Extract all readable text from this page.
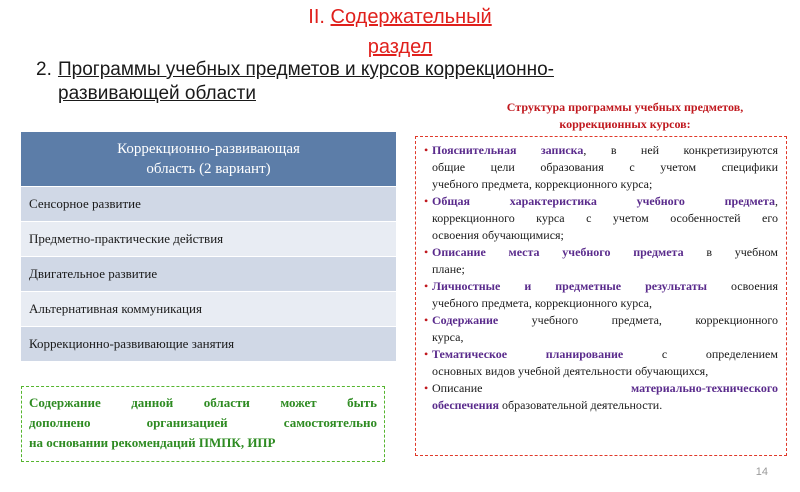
II. Содержательный
раздел
2. Программы учебных предметов и курсов коррекционно-
развивающей области
Структура программы учебных предметов,
коррекционных курсов:
Коррекционно-развивающая
область (2 вариант)
Сенсорное развитие
Предметно-практические действия
Двигательное развитие
Альтернативная коммуникация
Коррекционно-развивающие занятия
Содержание данной области может быть
дополнено организацией самостоятельно
на основании рекомендаций ПМПК, ИПР
• Пояснительная записка, в ней конкретизируются
общие цели образования с учетом специфики
учебного предмета, коррекционного курса;
• Общая характеристика учебного предмета,
коррекционного курса с учетом особенностей его
освоения обучающимися;
• Описание места учебного предмета в учебном
плане;
• Личностные и предметные результаты освоения
учебного предмета, коррекционного курса,
• Содержание учебного предмета, коррекционного
курса,
• Тематическое планирование с определением
основных видов учебной деятельности обучающихся,
• Описание	материально-технического
обеспечения образовательной деятельности.
14
